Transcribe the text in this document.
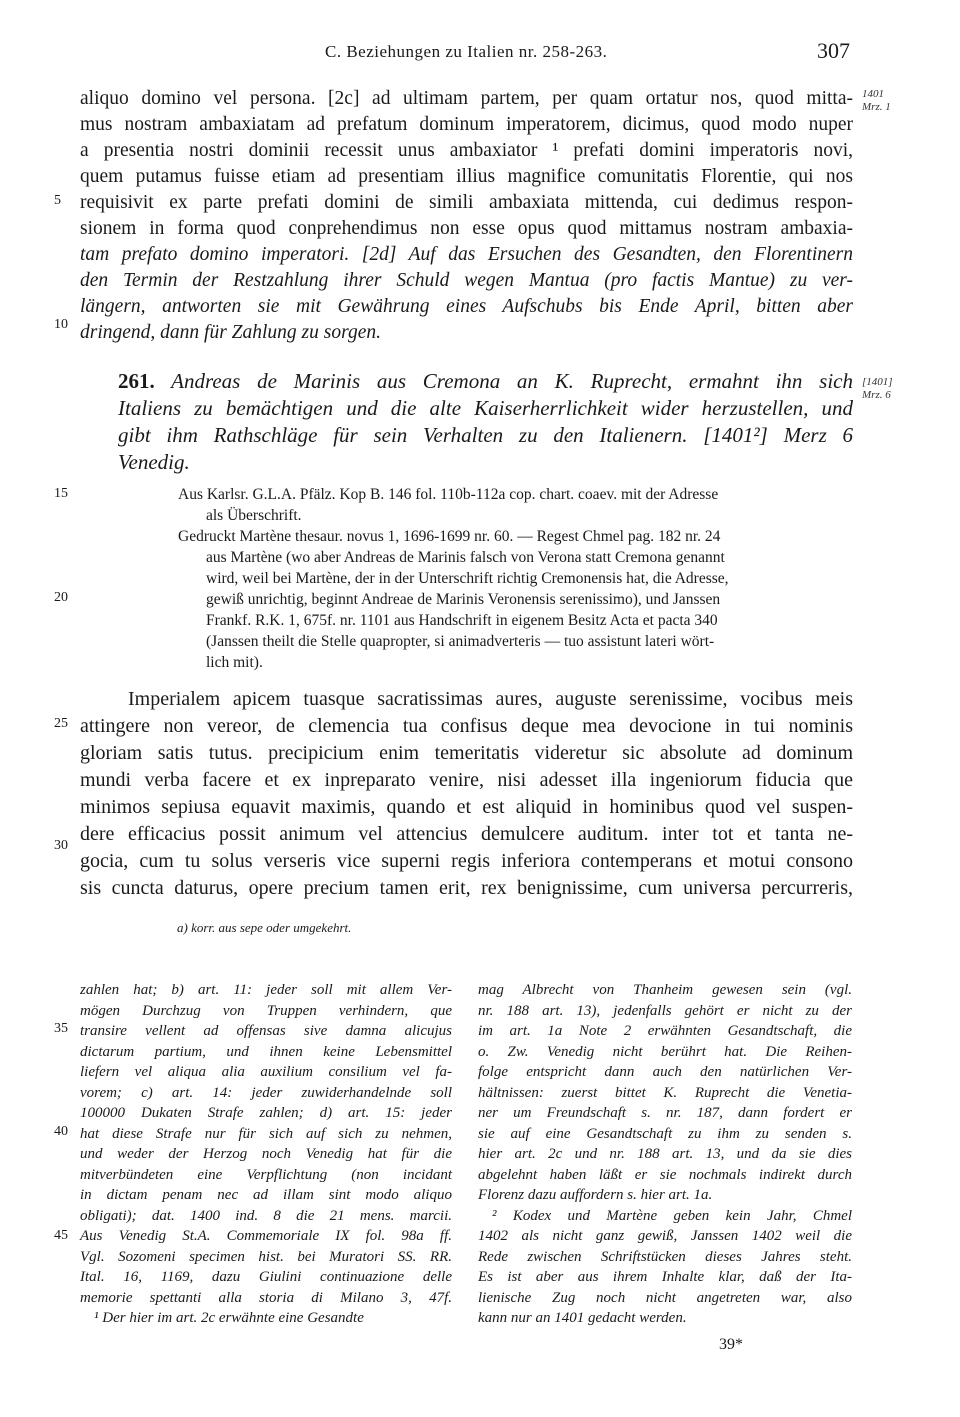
C. Beziehungen zu Italien nr. 258-263.	307
1401
Mrz. 1
[1401]
Mrz. 6
5
10
15
20
25
30
35
40
45
aliquo domino vel persona. [2c] ad ultimam partem, per quam ortatur nos, quod mitta-
mus nostram ambaxiatam ad prefatum dominum imperatorem, dicimus, quod modo nuper
a presentia nostri dominii recessit unus ambaxiator ¹ prefati domini imperatoris novi,
quem putamus fuisse etiam ad presentiam illius magnifice comunitatis Florentie, qui nos
requisivit ex parte prefati domini de simili ambaxiata mittenda, cui dedimus respon-
sionem in forma quod conprehendimus non esse opus quod mittamus nostram ambaxia-
tam prefato domino imperatori. [2d] Auf das Ersuchen des Gesandten, den Florentinern
den Termin der Restzahlung ihrer Schuld wegen Mantua (pro factis Mantue) zu ver-
längern, antworten sie mit Gewährung eines Aufschubs bis Ende April, bitten aber
dringend, dann für Zahlung zu sorgen.
261. Andreas de Marinis aus Cremona an K. Ruprecht, ermahnt ihn sich
Italiens zu bemächtigen und die alte Kaiserherrlichkeit wider herzustellen, und
gibt ihm Rathschläge für sein Verhalten zu den Italienern. [1401²] Merz 6
Venedig.
Aus Karlsr. G.L.A. Pfälz. Kop B. 146 fol. 110b-112a cop. chart. coaev. mit der Adresse
als Überschrift.
Gedruckt Martène thesaur. novus 1, 1696-1699 nr. 60. — Regest Chmel pag. 182 nr. 24
aus Martène (wo aber Andreas de Marinis falsch von Verona statt Cremona genannt
wird, weil bei Martène, der in der Unterschrift richtig Cremonensis hat, die Adresse,
gewiß unrichtig, beginnt Andreae de Marinis Veronensis serenissimo), und Janssen
Frankf. R.K. 1, 675f. nr. 1101 aus Handschrift in eigenem Besitz Acta et pacta 340
(Janssen theilt die Stelle quapropter, si animadverteris — tuo assistunt lateri wört-
lich mit).
Imperialem apicem tuasque sacratissimas aures, auguste serenissime, vocibus meis
attingere non vereor, de clemencia tua confisus deque mea devocione in tui nominis
gloriam satis tutus. precipicium enim temeritatis videretur sic absolute ad dominum
mundi verba facere et ex inpreparato venire, nisi adesset illa ingeniorum fiducia que
minimos sepiusa equavit maximis, quando et est aliquid in hominibus quod vel suspen-
dere efficacius possit animum vel attencius demulcere auditum. inter tot et tanta ne-
gocia, cum tu solus verseris vice superni regis inferiora contemperans et motui consono
sis cuncta daturus, opere precium tamen erit, rex benignissime, cum universa percurreris,
a) korr. aus sepe oder umgekehrt.
zahlen hat; b) art. 11: jeder soll mit allem Ver-
mögen Durchzug von Truppen verhindern, que
transire vellent ad offensas sive damna alicujus
dictarum partium, und ihnen keine Lebensmittel
liefern vel aliqua alia auxilium consilium vel fa-
vorem; c) art. 14: jeder zuwiderhandelnde soll
100000 Dukaten Strafe zahlen; d) art. 15: jeder
hat diese Strafe nur für sich auf sich zu nehmen,
und weder der Herzog noch Venedig hat für die
mitverbündeten eine Verpflichtung (non incidant
in dictam penam nec ad illam sint modo aliquo
obligati); dat. 1400 ind. 8 die 21 mens. marcii.
Aus Venedig St.A. Commemoriale IX fol. 98a ff.
Vgl. Sozomeni specimen hist. bei Muratori SS. RR.
Ital. 16, 1169, dazu Giulini continuazione delle
memorie spettanti alla storia di Milano 3, 47f.
¹ Der hier im art. 2c erwähnte eine Gesandte
mag Albrecht von Thanheim gewesen sein (vgl.
nr. 188 art. 13), jedenfalls gehört er nicht zu der
im art. 1a Note 2 erwähnten Gesandtschaft, die
o. Zw. Venedig nicht berührt hat. Die Reihen-
folge entspricht dann auch den natürlichen Ver-
hältnissen: zuerst bittet K. Ruprecht die Venetia-
ner um Freundschaft s. nr. 187, dann fordert er
sie auf eine Gesandtschaft zu ihm zu senden s.
hier art. 2c und nr. 188 art. 13, und da sie dies
abgelehnt haben läßt er sie nochmals indirekt durch
Florenz dazu auffordern s. hier art. 1a.
² Kodex und Martène geben kein Jahr, Chmel
1402 als nicht ganz gewiß, Janssen 1402 weil die
Rede zwischen Schriftstücken dieses Jahres steht.
Es ist aber aus ihrem Inhalte klar, daß der Ita-
lienische Zug noch nicht angetreten war, also
kann nur an 1401 gedacht werden.
39*
